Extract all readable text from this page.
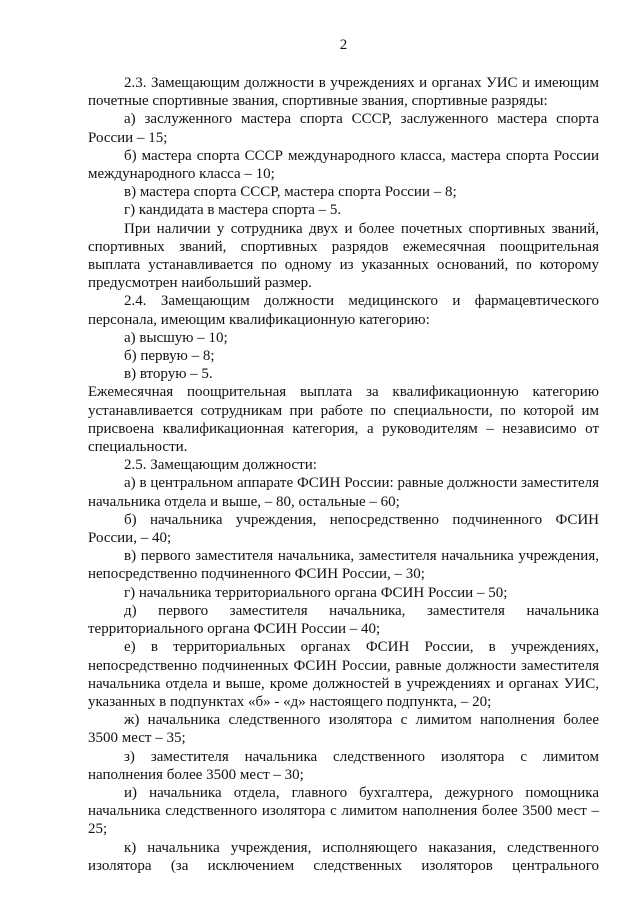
2

2.3. Замещающим должности в учреждениях и органах УИС и имеющим почетные спортивные звания, спортивные звания, спортивные разряды:

а) заслуженного мастера спорта СССР, заслуженного мастера спорта России – 15;

б) мастера спорта СССР международного класса, мастера спорта России международного класса – 10;

в) мастера спорта СССР, мастера спорта России – 8;

г) кандидата в мастера спорта – 5.

При наличии у сотрудника двух и более почетных спортивных званий, спортивных званий, спортивных разрядов ежемесячная поощрительная выплата устанавливается по одному из указанных оснований, по которому предусмотрен наибольший размер.

2.4. Замещающим должности медицинского и фармацевтического персонала, имеющим квалификационную категорию:

а) высшую – 10;

б) первую – 8;

в) вторую – 5.

Ежемесячная поощрительная выплата за квалификационную категорию устанавливается сотрудникам при работе по специальности, по которой им присвоена квалификационная категория, а руководителям – независимо от специальности.

2.5. Замещающим должности:

а) в центральном аппарате ФСИН России: равные должности заместителя начальника отдела и выше, – 80, остальные – 60;

б) начальника учреждения, непосредственно подчиненного ФСИН России, – 40;

в) первого заместителя начальника, заместителя начальника учреждения, непосредственно подчиненного ФСИН России, – 30;

г) начальника территориального органа ФСИН России – 50;

д) первого заместителя начальника, заместителя начальника территориального органа ФСИН России – 40;

е) в территориальных органах ФСИН России, в учреждениях, непосредственно подчиненных ФСИН России, равные должности заместителя начальника отдела и выше, кроме должностей в учреждениях и органах УИС, указанных в подпунктах «б» - «д» настоящего подпункта, – 20;

ж) начальника следственного изолятора с лимитом наполнения более 3500 мест – 35;

з) заместителя начальника следственного изолятора с лимитом наполнения более 3500 мест – 30;

и) начальника отдела, главного бухгалтера, дежурного помощника начальника следственного изолятора с лимитом наполнения более 3500 мест – 25;

к) начальника учреждения, исполняющего наказания, следственного изолятора (за исключением следственных изоляторов центрального
